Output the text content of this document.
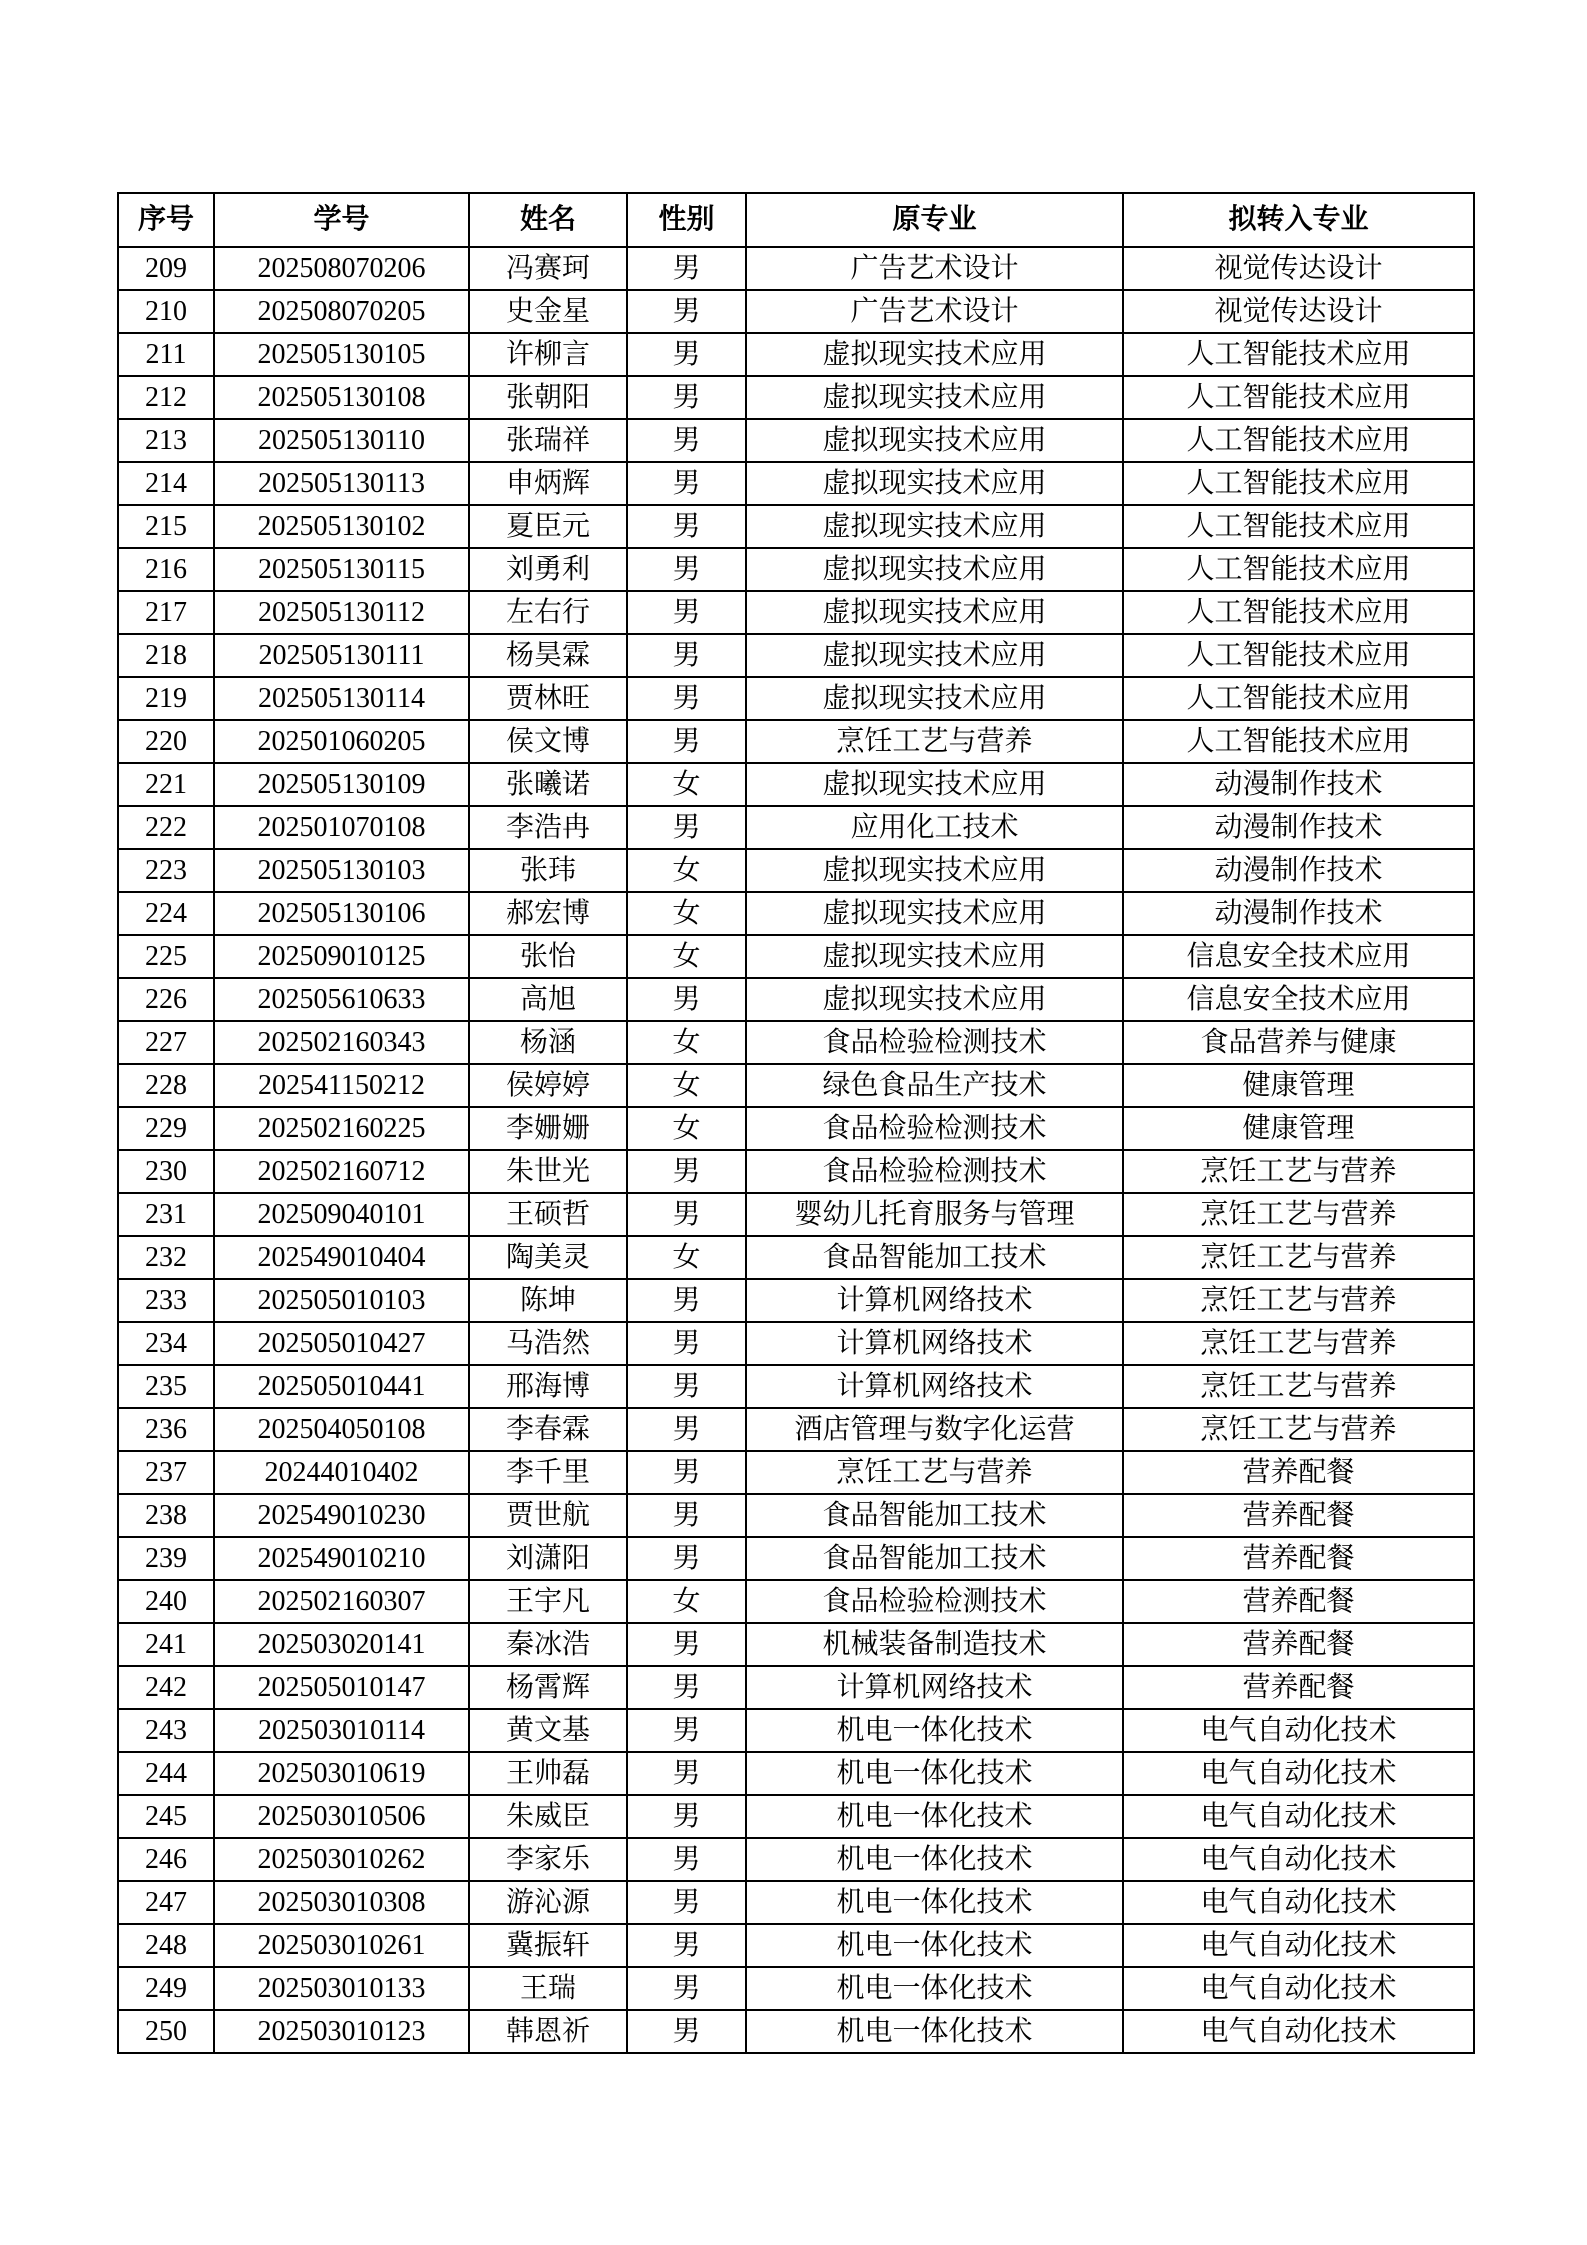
序号	学号	姓名	性别	原专业	拟转入专业
209	202508070206	冯赛珂	男	广告艺术设计	视觉传达设计
210	202508070205	史金星	男	广告艺术设计	视觉传达设计
211	202505130105	许柳言	男	虚拟现实技术应用	人工智能技术应用
212	202505130108	张朝阳	男	虚拟现实技术应用	人工智能技术应用
213	202505130110	张瑞祥	男	虚拟现实技术应用	人工智能技术应用
214	202505130113	申炳辉	男	虚拟现实技术应用	人工智能技术应用
215	202505130102	夏臣元	男	虚拟现实技术应用	人工智能技术应用
216	202505130115	刘勇利	男	虚拟现实技术应用	人工智能技术应用
217	202505130112	左右行	男	虚拟现实技术应用	人工智能技术应用
218	202505130111	杨昊霖	男	虚拟现实技术应用	人工智能技术应用
219	202505130114	贾林旺	男	虚拟现实技术应用	人工智能技术应用
220	202501060205	侯文博	男	烹饪工艺与营养	人工智能技术应用
221	202505130109	张曦诺	女	虚拟现实技术应用	动漫制作技术
222	202501070108	李浩冉	男	应用化工技术	动漫制作技术
223	202505130103	张玮	女	虚拟现实技术应用	动漫制作技术
224	202505130106	郝宏博	女	虚拟现实技术应用	动漫制作技术
225	202509010125	张怡	女	虚拟现实技术应用	信息安全技术应用
226	202505610633	高旭	男	虚拟现实技术应用	信息安全技术应用
227	202502160343	杨涵	女	食品检验检测技术	食品营养与健康
228	202541150212	侯婷婷	女	绿色食品生产技术	健康管理
229	202502160225	李姗姗	女	食品检验检测技术	健康管理
230	202502160712	朱世光	男	食品检验检测技术	烹饪工艺与营养
231	202509040101	王硕哲	男	婴幼儿托育服务与管理	烹饪工艺与营养
232	202549010404	陶美灵	女	食品智能加工技术	烹饪工艺与营养
233	202505010103	陈坤	男	计算机网络技术	烹饪工艺与营养
234	202505010427	马浩然	男	计算机网络技术	烹饪工艺与营养
235	202505010441	邢海博	男	计算机网络技术	烹饪工艺与营养
236	202504050108	李春霖	男	酒店管理与数字化运营	烹饪工艺与营养
237	20244010402	李千里	男	烹饪工艺与营养	营养配餐
238	202549010230	贾世航	男	食品智能加工技术	营养配餐
239	202549010210	刘潇阳	男	食品智能加工技术	营养配餐
240	202502160307	王宇凡	女	食品检验检测技术	营养配餐
241	202503020141	秦冰浩	男	机械装备制造技术	营养配餐
242	202505010147	杨霄辉	男	计算机网络技术	营养配餐
243	202503010114	黄文基	男	机电一体化技术	电气自动化技术
244	202503010619	王帅磊	男	机电一体化技术	电气自动化技术
245	202503010506	朱威臣	男	机电一体化技术	电气自动化技术
246	202503010262	李家乐	男	机电一体化技术	电气自动化技术
247	202503010308	游沁源	男	机电一体化技术	电气自动化技术
248	202503010261	冀振轩	男	机电一体化技术	电气自动化技术
249	202503010133	王瑞	男	机电一体化技术	电气自动化技术
250	202503010123	韩恩祈	男	机电一体化技术	电气自动化技术
